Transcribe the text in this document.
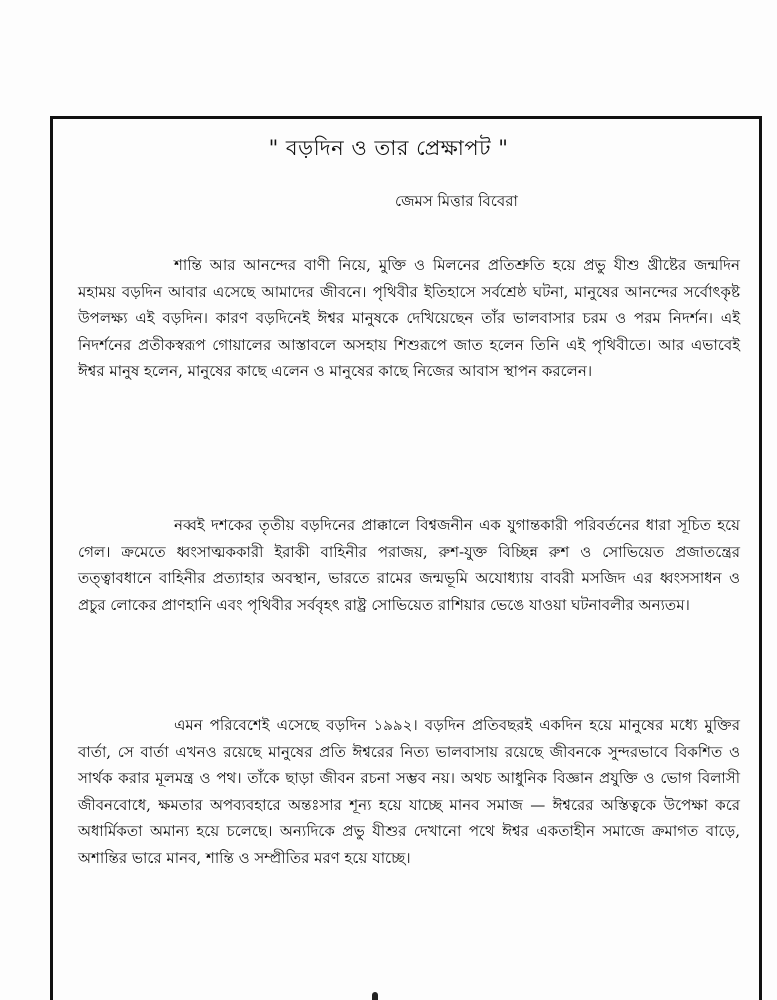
" বড়দিন ও তার প্রেক্ষাপট "
জেমস মিত্তার বিবেরা

শান্তি আর আনন্দের বাণী নিয়ে, মুক্তি ও মিলনের প্রতিশ্রুতি হয়ে প্রভু যীশু খ্রীষ্টের জন্মদিন মহাময় বড়দিন আবার এসেছে আমাদের জীবনে। পৃথিবীর ইতিহাসে সর্বশ্রেষ্ঠ ঘটনা, মানুষের আনন্দের সর্বোৎকৃষ্ট উপলক্ষ্য এই বড়দিন। কারণ বড়দিনেই ঈশ্বর মানুষকে দেখিয়েছেন তাঁর ভালবাসার চরম ও পরম নিদর্শন। এই নিদর্শনের প্রতীকস্বরূপ গোয়ালের আস্তাবলে অসহায় শিশুরূপে জাত হলেন তিনি এই পৃথিবীতে। আর এভাবেই ঈশ্বর মানুষ হলেন, মানুষের কাছে এলেন ও মানুষের কাছে নিজের আবাস স্থাপন করলেন।

নব্বই দশকের তৃতীয় বড়দিনের প্রাক্কালে বিশ্বজনীন এক যুগান্তকারী পরিবর্তনের ধারা সূচিত হয়ে গেল। ক্রমেতে ধ্বংসাত্মককারী ইরাকী বাহিনীর পরাজয়, রুশ-যুক্ত বিচ্ছিন্ন রুশ ও সোভিয়েত প্রজাতন্ত্রের তত্ত্বাবধানে বাহিনীর প্রত্যাহার অবস্থান, ভারতে রামের জন্মভূমি অযোধ্যায় বাবরী মসজিদ এর ধ্বংসসাধন ও প্রচুর লোকের প্রাণহানি এবং পৃথিবীর সর্ববৃহৎ রাষ্ট্র সোভিয়েত রাশিয়ার ভেঙে যাওয়া ঘটনাবলীর অন্যতম।

এমন পরিবেশেই এসেছে বড়দিন ১৯৯২। বড়দিন প্রতিবছরই একদিন হয়ে মানুষের মধ্যে মুক্তির বার্তা, সে বার্তা এখনও রয়েছে মানুষের প্রতি ঈশ্বরের নিত্য ভালবাসায় রয়েছে জীবনকে সুন্দরভাবে বিকশিত ও সার্থক করার মূলমন্ত্র ও পথ। তাঁকে ছাড়া জীবন রচনা সম্ভব নয়। অথচ আধুনিক বিজ্ঞান প্রযুক্তি ও ভোগ বিলাসী জীবনবোধে, ক্ষমতার অপব্যবহারে অন্তঃসার শূন্য হয়ে যাচ্ছে মানব সমাজ — ঈশ্বরের অস্তিত্বকে উপেক্ষা করে অধার্মিকতা অমান্য হয়ে চলেছে। অন্যদিকে প্রভু যীশুর দেখানো পথে ঈশ্বর একতাহীন সমাজে ক্রমাগত বাড়ে, অশান্তির ভারে মানব, শান্তি ও সম্প্রীতির মরণ হয়ে যাচ্ছে।
